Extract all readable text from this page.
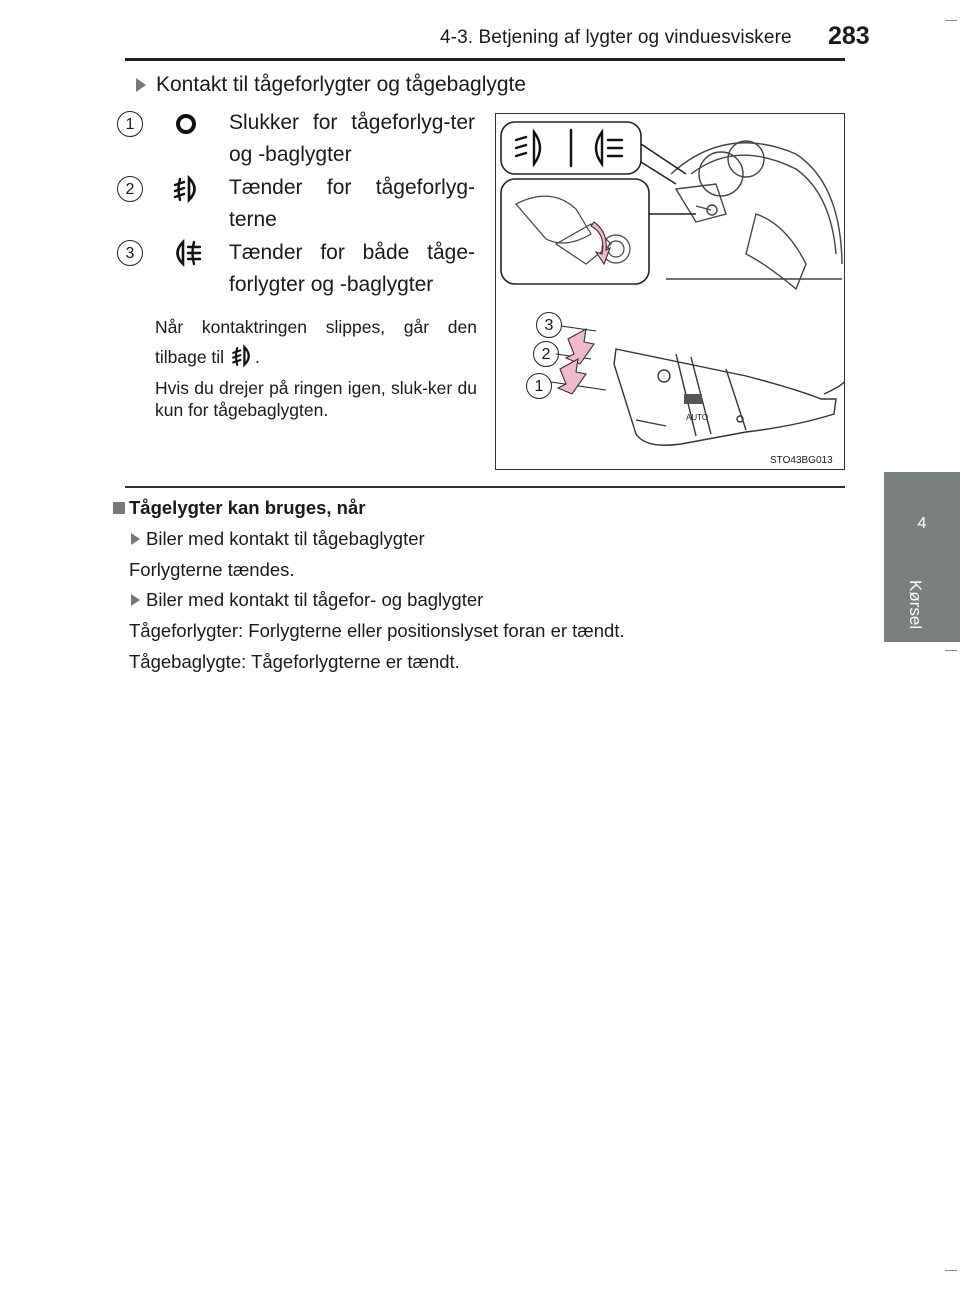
4-3. Betjening af lygter og vinduesviskere 283
4
Kørsel
Kontakt til tågeforlygter og tågebaglygte
1	Slukker for tågeforlyg-ter og -baglygter
2	Tænder for tågeforlyg-terne
3	Tænder for både tåge-forlygter og -baglygter
Når kontaktringen slippes, går den tilbage til .
Hvis du drejer på ringen igen, sluk-ker du kun for tågebaglygten.	AUTO
3
2
1
STO43BG013
Tågelygter kan bruges, når
Biler med kontakt til tågebaglygter
Forlygterne tændes.
Biler med kontakt til tågefor- og baglygter
Tågeforlygter: Forlygterne eller positionslyset foran er tændt.
Tågebaglygte: Tågeforlygterne er tændt.
